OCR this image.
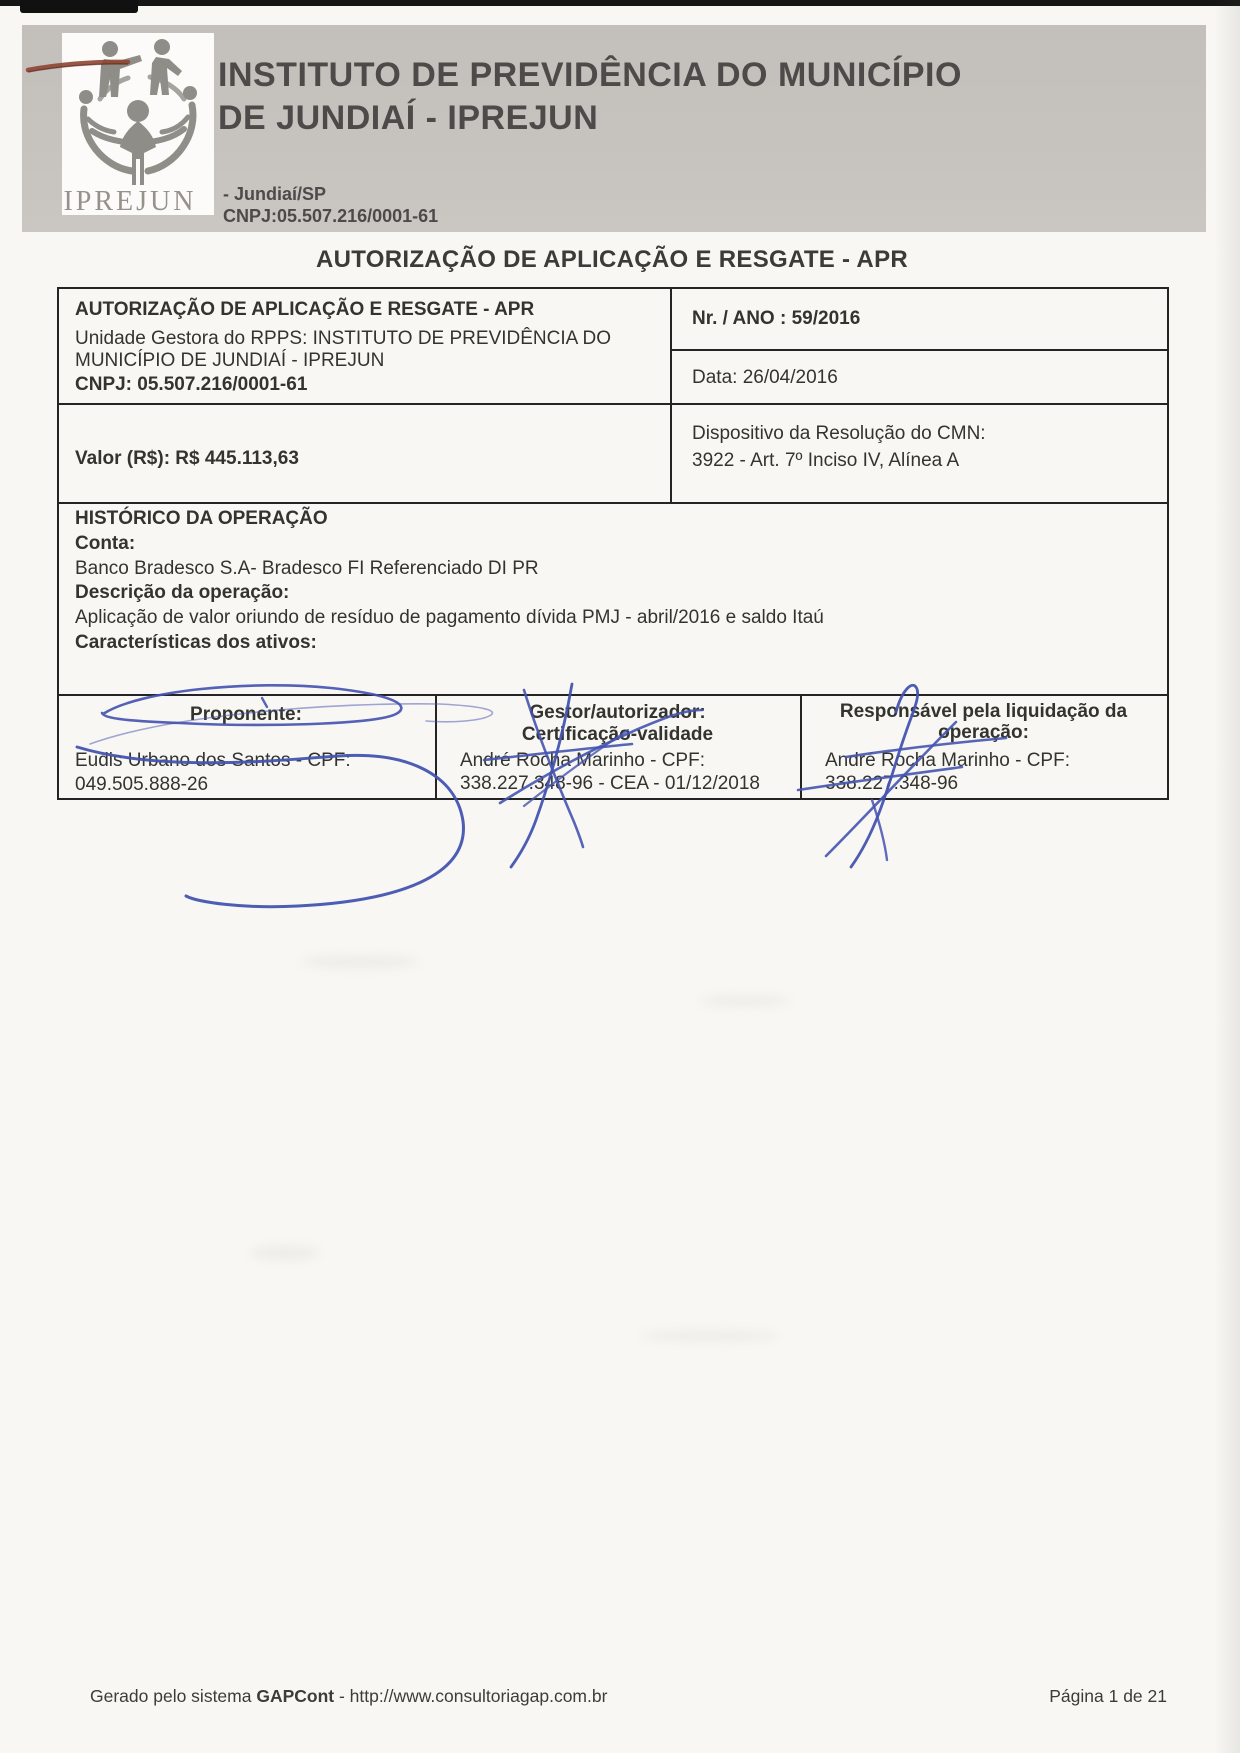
INSTITUTO DE PREVIDÊNCIA DO MUNICÍPIO
DE JUNDIAÍ - IPREJUN
- Jundiaí/SP
CNPJ:05.507.216/0001-61
IPREJUN
AUTORIZAÇÃO DE APLICAÇÃO E RESGATE - APR
AUTORIZAÇÃO DE APLICAÇÃO E RESGATE - APR
Unidade Gestora do RPPS: INSTITUTO DE PREVIDÊNCIA DO
MUNICÍPIO DE JUNDIAÍ - IPREJUN
CNPJ: 05.507.216/0001-61
Nr. / ANO : 59/2016
Data: 26/04/2016
Valor (R$): R$ 445.113,63
Dispositivo da Resolução do CMN:
3922 - Art. 7º Inciso IV, Alínea A
HISTÓRICO DA OPERAÇÃO
Conta:
Banco Bradesco S.A- Bradesco FI Referenciado DI PR
Descrição da operação:
Aplicação de valor oriundo de resíduo de pagamento dívida PMJ - abril/2016 e saldo Itaú
Características dos ativos:
Proponente:
Eudis Urbano dos Santos - CPF:
049.505.888-26
Gestor/autorizador:
Certificação-validade
André Rocha Marinho - CPF:
338.227.348-96 - CEA - 01/12/2018
Responsável pela liquidação da
operação:
André Rocha Marinho - CPF:
338.227.348-96
Gerado pelo sistema GAPCont - http://www.consultoriagap.com.br	Página 1 de 21
